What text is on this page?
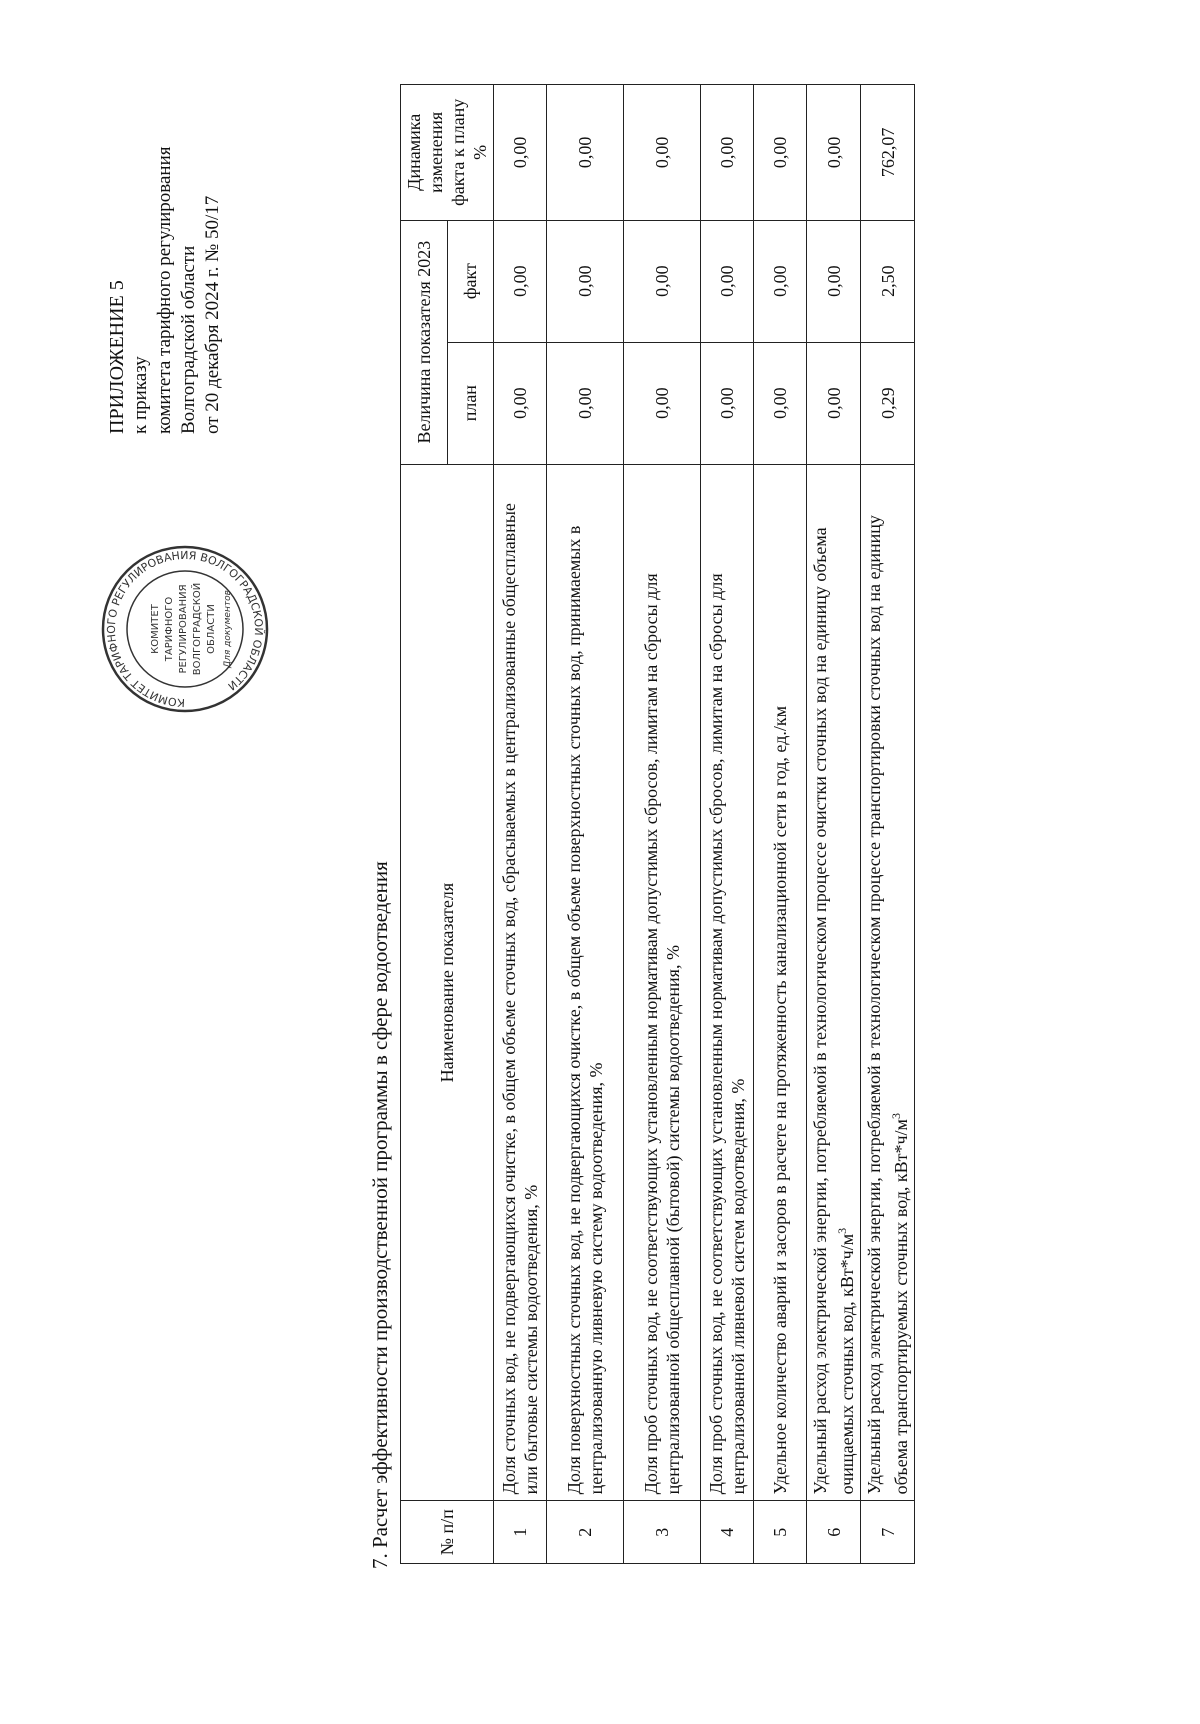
КОМИТЕТ ТАРИФНОГО РЕГУЛИРОВАНИЯ ВОЛГОГРАДСКОЙ ОБЛАСТИ
КОМИТЕТ ТАРИФНОГО РЕГУЛИРОВАНИЯ ВОЛГОГРАДСКОЙ ОБЛАСТИ Для документов
ПРИЛОЖЕНИЕ 5 к приказу комитета тарифного регулирования Волгоградской области от 20 декабря 2024 г. № 50/17
7. Расчет эффективности производственной программы в сфере водоотведения	№ п/п	Наименование показателя	Величина показателя 2023		Динамика изменения факта к плану %
		план	факт	
1	Доля сточных вод, не подвергающихся очистке, в общем объеме сточных вод, сбрасываемых в централизованные общесплавные или бытовые системы водоотведения, %	0,00	0,00	0,00
2	Доля поверхностных сточных вод, не подвергающихся очистке, в общем объеме поверхностных сточных вод, принимаемых в централизованную ливневую систему водоотведения, %	0,00	0,00	0,00
3	Доля проб сточных вод, не соответствующих установленным нормативам допустимых сбросов, лимитам на сбросы для централизованной общесплавной (бытовой) системы водоотведения, %	0,00	0,00	0,00
4	Доля проб сточных вод, не соответствующих установленным нормативам допустимых сбросов, лимитам на сбросы для централизованной ливневой систем водоотведения, %	0,00	0,00	0,00
5	Удельное количество аварий и засоров в расчете на протяженность канализационной сети в год, ед./км	0,00	0,00	0,00
6	Удельный расход электрической энергии, потребляемой в технологическом процессе очистки сточных вод на единицу объема очищаемых сточных вод, $кВт*ч/м^3$	0,00	0,00	0,00
7	Удельный расход электрической энергии, потребляемой в технологическом процессе транспортировки сточных вод на единицу объема транспортируемых сточных вод, $кВт*ч/м^3$	0,29	2,50	762,07
